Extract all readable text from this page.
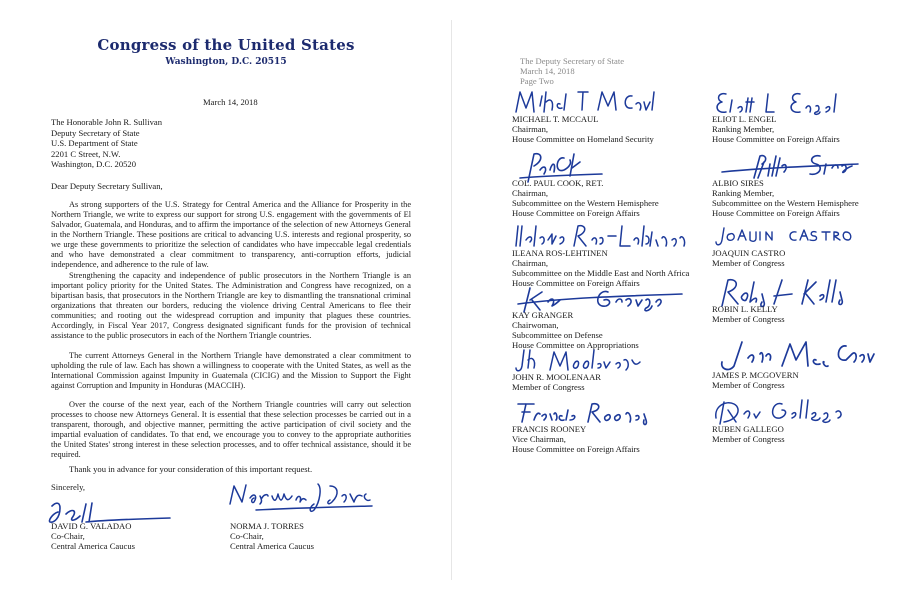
Congress of the United States
Washington, D.C. 20515
March 14, 2018
The Honorable John R. Sullivan
Deputy Secretary of State
U.S. Department of State
2201 C Street, N.W.
Washington, D.C. 20520
Dear Deputy Secretary Sullivan,

As strong supporters of the U.S. Strategy for Central America and the Alliance for Prosperity in the Northern Triangle, we write to express our support for strong U.S. engagement with the governments of El Salvador, Guatemala, and Honduras, and to affirm the importance of the selection of new Attorneys General in the Northern Triangle. These positions are critical to advancing U.S. interests and regional prosperity, so we urge these governments to prioritize the selection of candidates who have impeccable legal credentials and who have demonstrated a clear commitment to transparency, anti-corruption efforts, judicial independence, and adherence to the rule of law.

Strengthening the capacity and independence of public prosecutors in the Northern Triangle is an important policy priority for the United States. The Administration and Congress have recognized, on a bipartisan basis, that prosecutors in the Northern Triangle are key to dismantling the transnational criminal organizations that threaten our borders, reducing the violence driving Central Americans to flee their communities; and rooting out the widespread corruption and impunity that plagues these countries. Accordingly, in Fiscal Year 2017, Congress designated significant funds for the provision of technical assistance to the public prosecutors in each of the Northern Triangle countries.

The current Attorneys General in the Northern Triangle have demonstrated a clear commitment to upholding the rule of law. Each has shown a willingness to cooperate with the United States, as well as the International Commission against Impunity in Guatemala (CICIG) and the Mission to Support the Fight against Corruption and Impunity in Honduras (MACCIH).

Over the course of the next year, each of the Northern Triangle countries will carry out selection processes to choose new Attorneys General. It is essential that these selection processes be carried out in a transparent, thorough, and objective manner, permitting the active participation of civil society and the impartial evaluation of candidates. To that end, we encourage you to convey to the appropriate authorities the United States' strong interest in these selection processes, and to offer technical assistance, should it be required.

Thank you in advance for your consideration of this important request.
Sincerely,
DAVID G. VALADAO
Co-Chair,
Central America Caucus
NORMA J. TORRES
Co-Chair,
Central America Caucus
The Deputy Secretary of State
March 14, 2018
Page Two
MICHAEL T. MCCAUL
Chairman,
House Committee on Homeland Security
COL. PAUL COOK, RET.
Chairman,
Subcommittee on the Western Hemisphere
House Committee on Foreign Affairs
ILEANA ROS-LEHTINEN
Chairman,
Subcommittee on the Middle East and North Africa
House Committee on Foreign Affairs
KAY GRANGER
Chairwoman,
Subcommittee on Defense
House Committee on Appropriations
JOHN R. MOOLENAAR
Member of Congress
FRANCIS ROONEY
Vice Chairman,
House Committee on Foreign Affairs
ELIOT L. ENGEL
Ranking Member,
House Committee on Foreign Affairs
ALBIO SIRES
Ranking Member,
Subcommittee on the Western Hemisphere
House Committee on Foreign Affairs
JOAQUIN CASTRO
Member of Congress
ROBIN L. KELLY
Member of Congress
JAMES P. MCGOVERN
Member of Congress
RUBEN GALLEGO
Member of Congress
